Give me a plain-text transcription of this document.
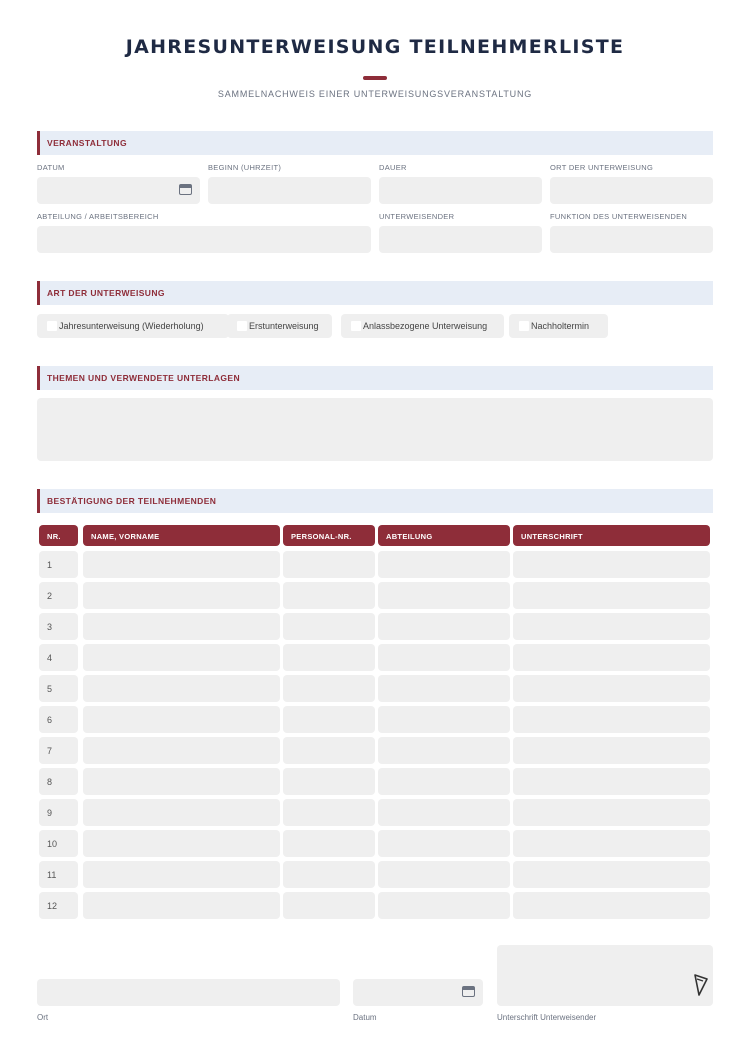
JAHRESUNTERWEISUNG TEILNEHMERLISTE
SAMMELNACHWEIS EINER UNTERWEISUNGSVERANSTALTUNG
VERANSTALTUNG
DATUM	BEGINN (UHRZEIT)	DAUER	ORT DER UNTERWEISUNG
ABTEILUNG / ARBEITSBEREICH	UNTERWEISENDER	FUNKTION DES UNTERWEISENDEN
ART DER UNTERWEISUNG
Jahresunterweisung (Wiederholung)	Erstunterweisung	Anlassbezogene Unterweisung	Nachholtermin
THEMEN UND VERWENDETE UNTERLAGEN
BESTÄTIGUNG DER TEILNEHMENDEN
NR.	NAME, VORNAME	PERSONAL-NR.	ABTEILUNG	UNTERSCHRIFT
1
2
3
4
5
6
7
8
9
10
11
12
Ort	Datum	Unterschrift Unterweisender
